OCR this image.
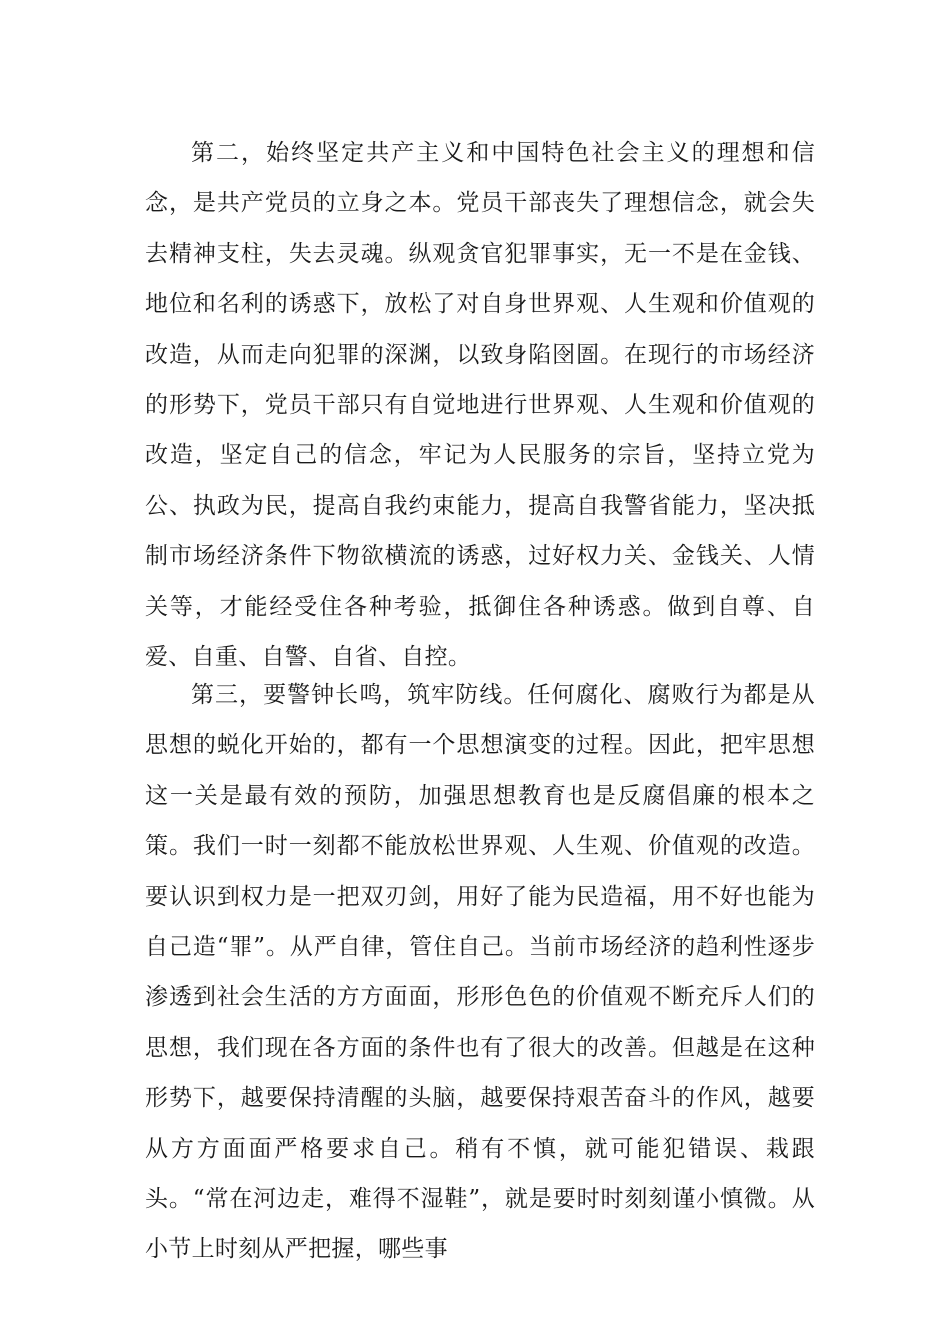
第二，始终坚定共产主义和中国特色社会主义的理想和信念，是共产党员的立身之本。党员干部丧失了理想信念，就会失去精神支柱，失去灵魂。纵观贪官犯罪事实，无一不是在金钱、地位和名利的诱惑下，放松了对自身世界观、人生观和价值观的改造，从而走向犯罪的深渊，以致身陷囹圄。在现行的市场经济的形势下，党员干部只有自觉地进行世界观、人生观和价值观的改造，坚定自己的信念，牢记为人民服务的宗旨，坚持立党为公、执政为民，提高自我约束能力，提高自我警省能力，坚决抵制市场经济条件下物欲横流的诱惑，过好权力关、金钱关、人情关等，才能经受住各种考验，抵御住各种诱惑。做到自尊、自爱、自重、自警、自省、自控。

第三，要警钟长鸣，筑牢防线。任何腐化、腐败行为都是从思想的蜕化开始的，都有一个思想演变的过程。因此，把牢思想这一关是最有效的预防，加强思想教育也是反腐倡廉的根本之策。我们一时一刻都不能放松世界观、人生观、价值观的改造。要认识到权力是一把双刃剑，用好了能为民造福，用不好也能为自己造“罪”。从严自律，管住自己。当前市场经济的趋利性逐步渗透到社会生活的方方面面，形形色色的价值观不断充斥人们的思想，我们现在各方面的条件也有了很大的改善。但越是在这种形势下，越要保持清醒的头脑，越要保持艰苦奋斗的作风，越要从方方面面严格要求自己。稍有不慎，就可能犯错误、栽跟头。“常在河边走，难得不湿鞋”，就是要时时刻刻谨小慎微。从小节上时刻从严把握，哪些事
